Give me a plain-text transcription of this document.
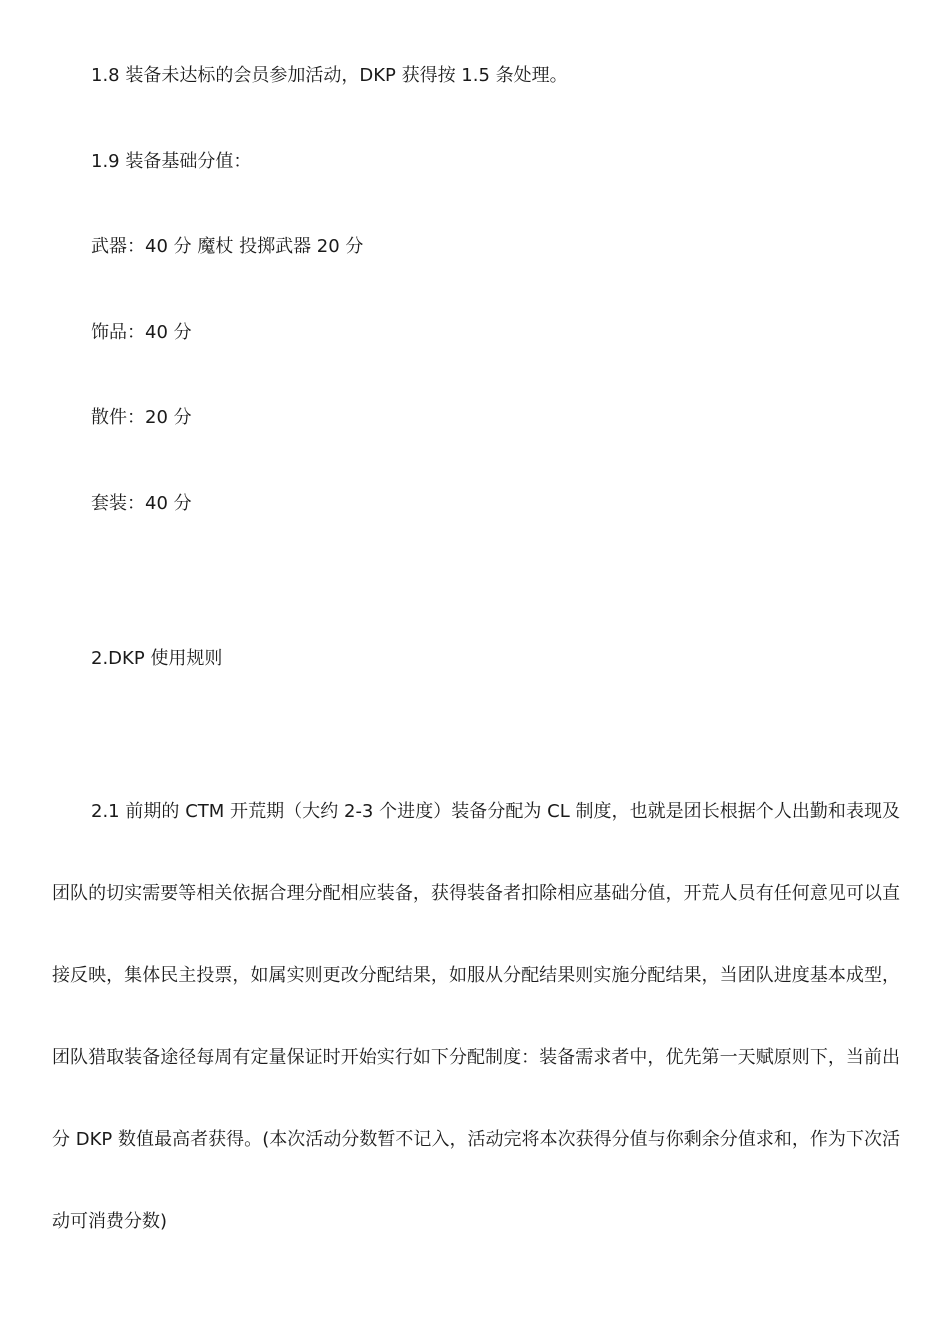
1.8 装备未达标的会员参加活动，DKP 获得按 1.5 条处理。
1.9 装备基础分值：
武器：40 分 魔杖 投掷武器 20 分
饰品：40 分
散件：20 分
套装：40 分
2.DKP 使用规则

2.1 前期的 CTM 开荒期（大约 2-3 个进度）装备分配为 CL 制度，也就是团长根据个人出勤和表现及团队的切实需要等相关依据合理分配相应装备，获得装备者扣除相应基础分值，开荒人员有任何意见可以直接反映，集体民主投票，如属实则更改分配结果，如服从分配结果则实施分配结果，当团队进度基本成型，团队猎取装备途径每周有定量保证时开始实行如下分配制度：装备需求者中，优先第一天赋原则下，当前出分 DKP 数值最高者获得。(本次活动分数暂不记入，活动完将本次获得分值与你剩余分值求和，作为下次活动可消费分数)
